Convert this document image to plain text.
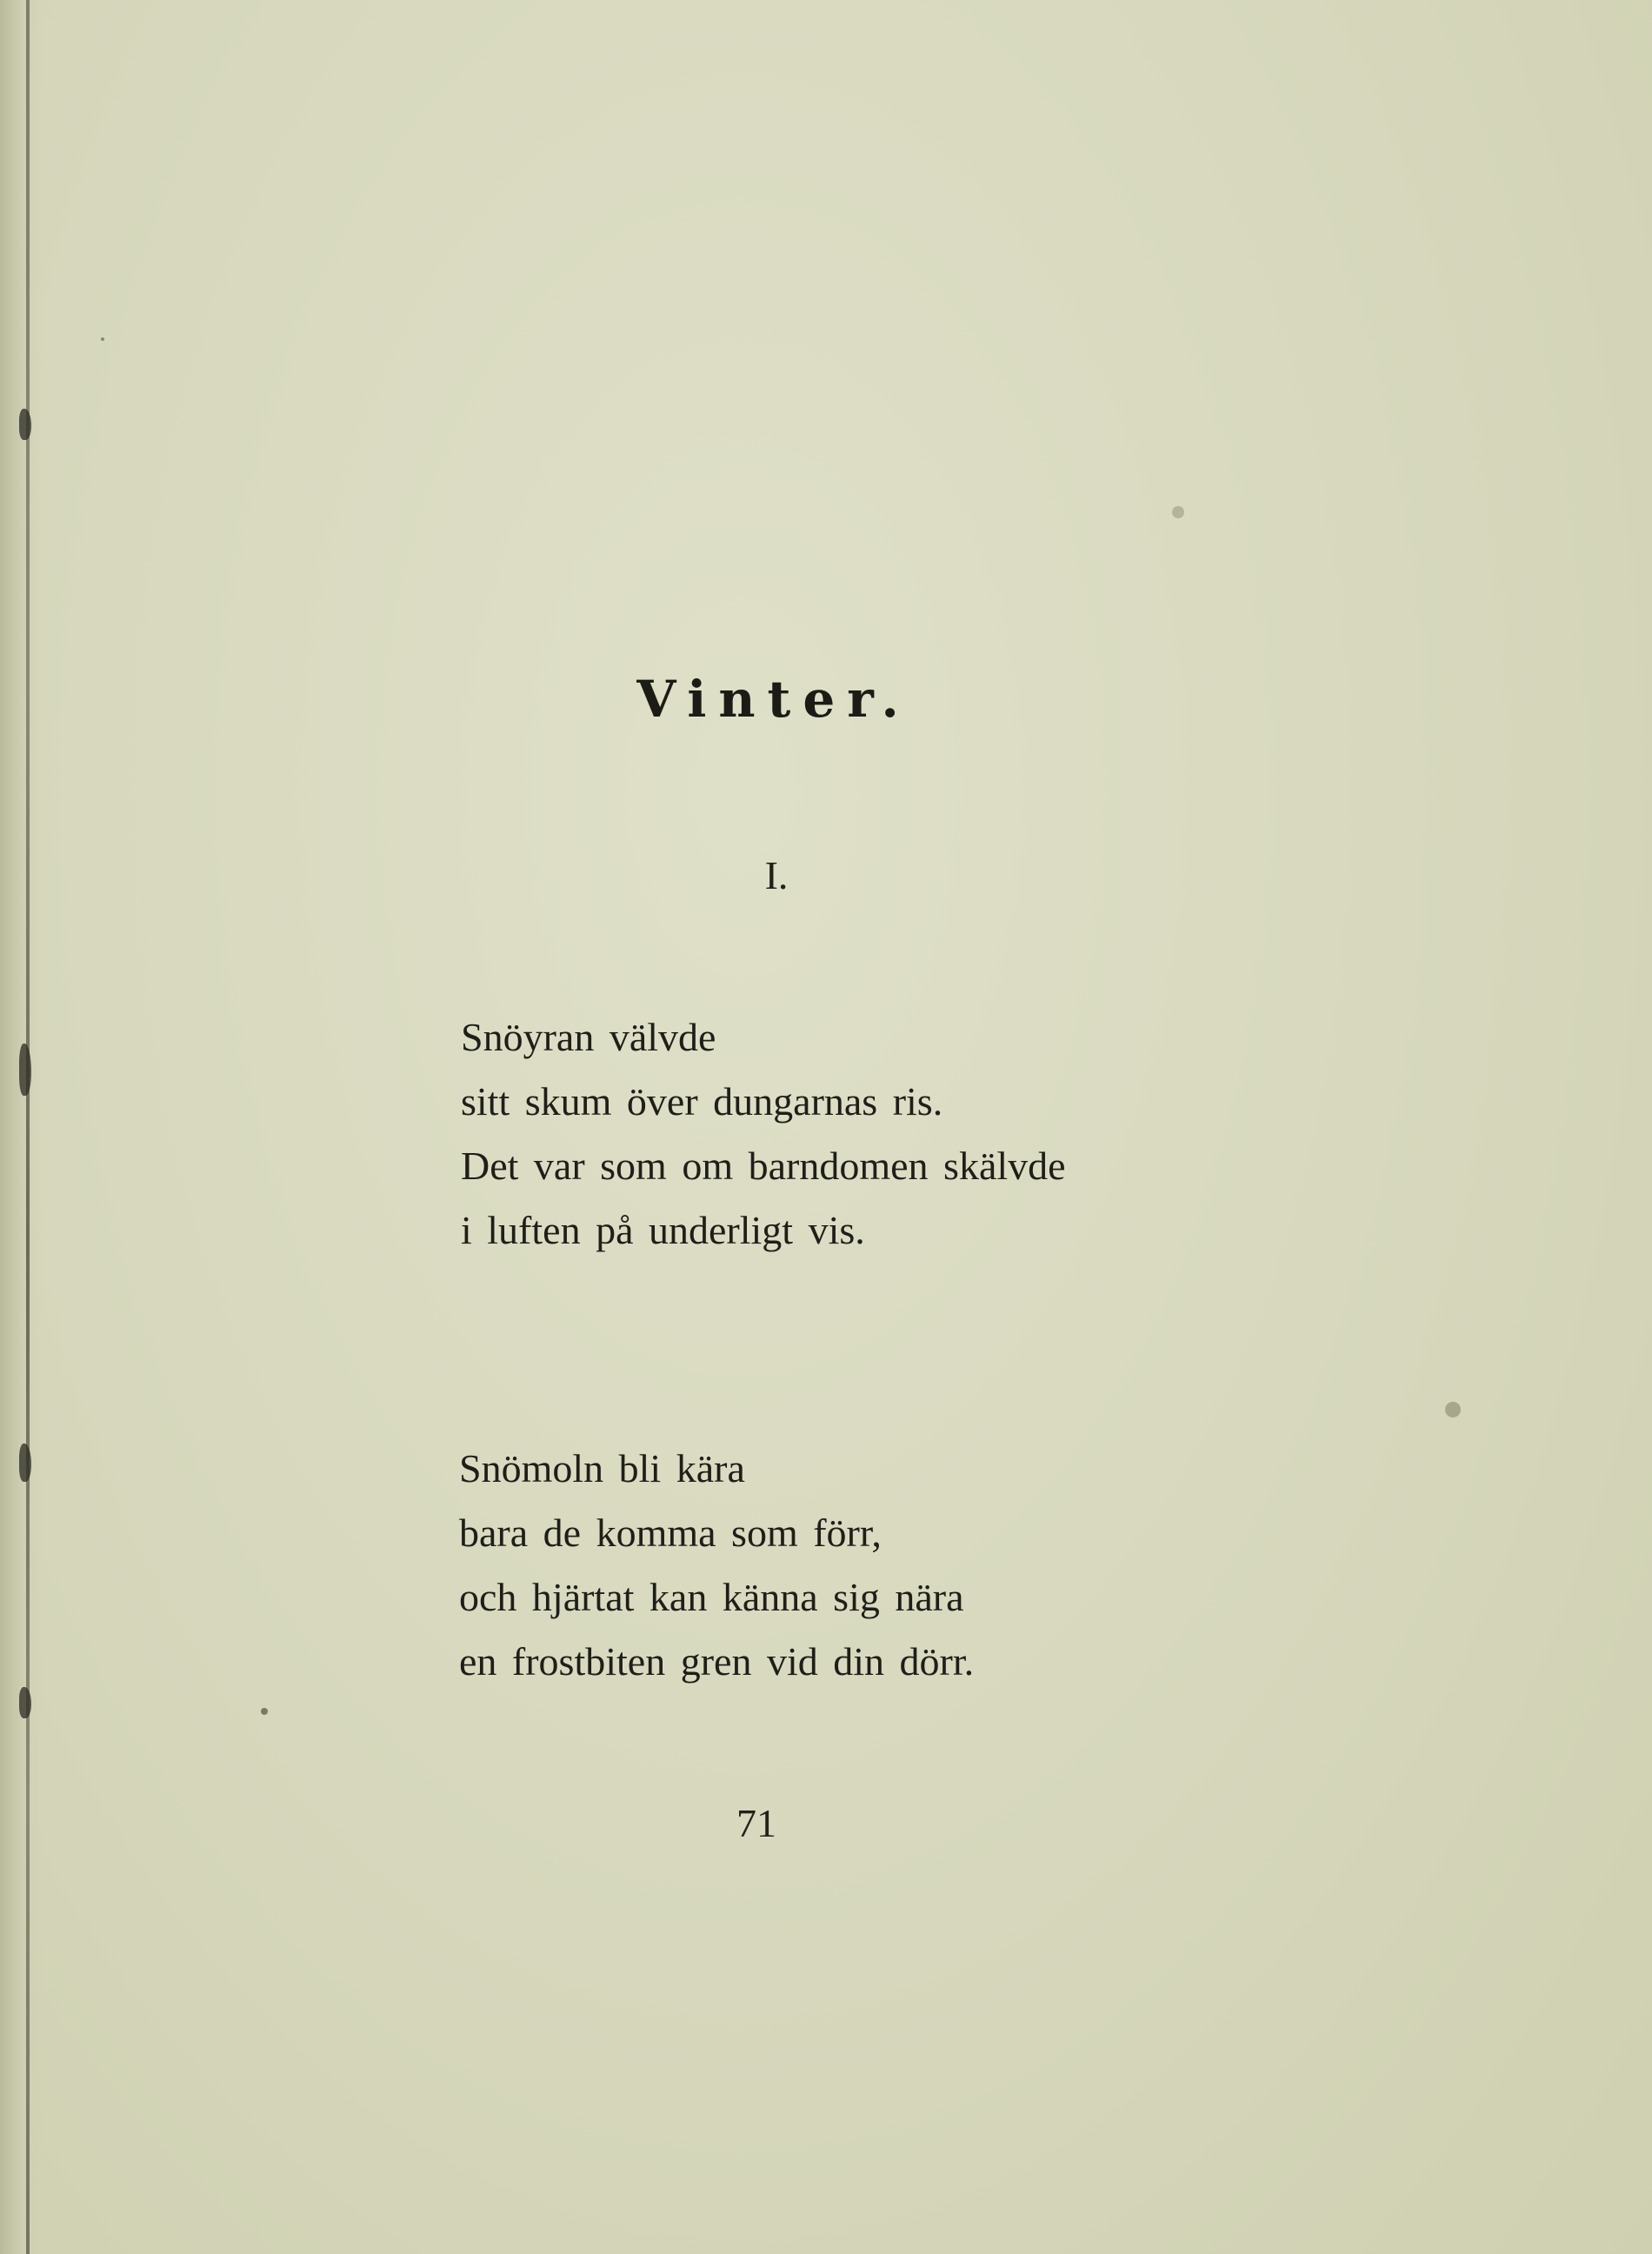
Vinter.
I.
Snöyran välvde
sitt skum över dungarnas ris.
Det var som om barndomen skälvde
i luften på underligt vis.
Snömoln bli kära
bara de komma som förr,
och hjärtat kan känna sig nära
en frostbiten gren vid din dörr.
71
